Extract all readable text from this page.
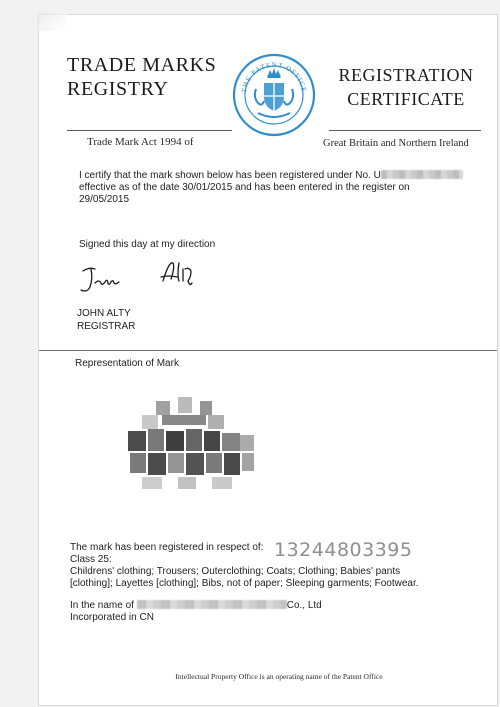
TRADE MARKS
REGISTRY
Trade Mark Act 1994 of
THE PATENT OFFICE
REGISTRATION
CERTIFICATE
Great Britain and Northern Ireland
I certify that the mark shown below has been registered under No. U
effective as of the date 30/01/2015 and has been entered in the register on
29/05/2015
Signed this day at my direction
JOHN ALTY
REGISTRAR
Representation of Mark
The mark has been registered in respect of:
Class 25:
Childrens' clothing; Trousers; Outerclothing; Coats; Clothing; Babies' pants
[clothing]; Layettes [clothing]; Bibs, not of paper; Sleeping garments; Footwear.
13244803395
In the name of	Co., Ltd
Incorporated in CN
Intellectual Property Office is an operating name of the Patent Office
